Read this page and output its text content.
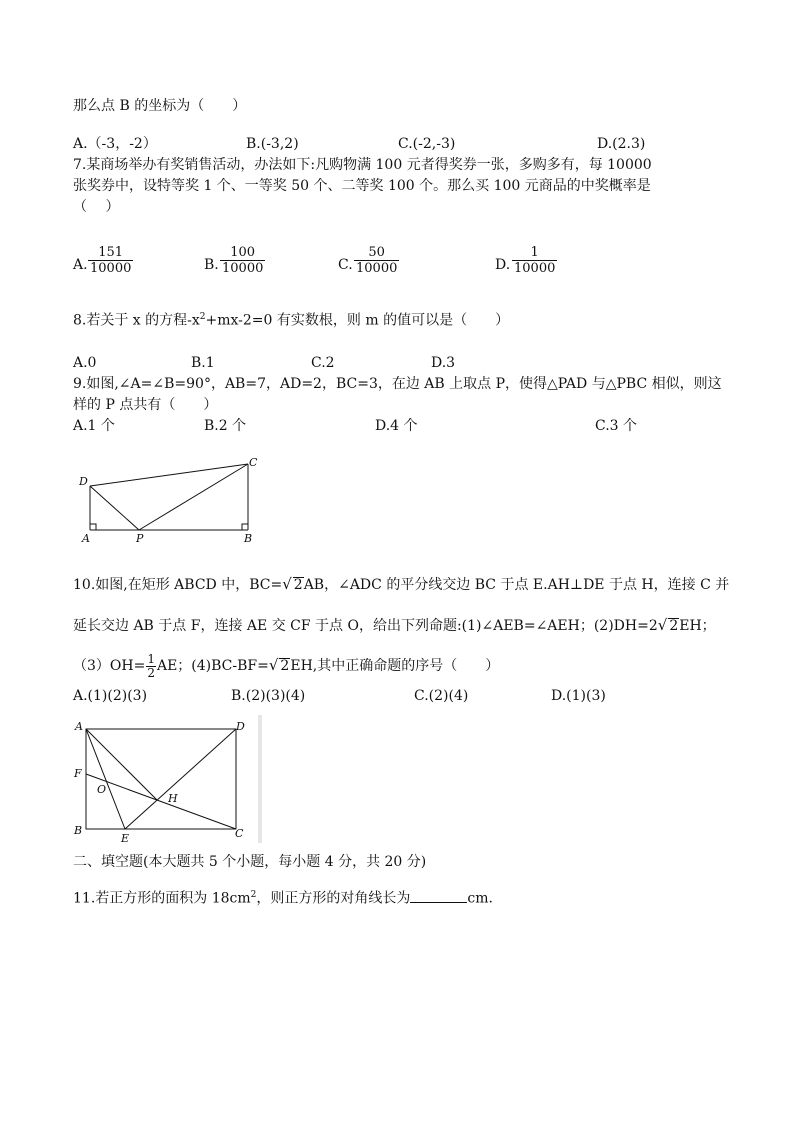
那么点 B 的坐标为（　　）
A.（-3，-2）	B.(-3,2)	C.(-2,-3)	D.(2.3)
7.某商场举办有奖销售活动，办法如下:凡购物满 100 元者得奖券一张，多购多有，每 10000
张奖券中，设特等奖 1 个、一等奖 50 个、二等奖 100 个。那么买 100 元商品的中奖概率是
（　 ）
A. $\frac{151}{10000}$	B. $\frac{100}{10000}$	C. $\frac{50}{10000}$	D. $\frac{1}{10000}$
8.若关于 x 的方程$-x^2+mx-2=0$ 有实数根，则 m 的值可以是（　　）
A.0	B.1	C.2	D.3
9.如图,∠A=∠B=90°，AB=7，AD=2，BC=3，在边 AB 上取点 P，使得△PAD 与△PBC 相似，则这
样的 P 点共有（　　）
A.1 个	B.2 个	D.4 个	C.3 个
D
C
A	P	B
10.如图,在矩形 ABCD 中，BC=√ 2AB，∠ADC 的平分线交边 BC 于点 E.AH⊥DE 于点 H，连接 C 并
延长交边 AB 于点 F，连接 AE 交 CF 于点 O，给出下列命题:(1)∠AEB=∠AEH；(2)DH=2√ 2EH；
$(3)OH= \frac{1}{2}$ AE；(4)BC-BF=√ 2EH,其中正确命题的序号（　　）
A.(1)(2)(3)	B.(2)(3)(4)	C.(2)(4)	D.(1)(3)
A	D
F
O
H
B
E	C
二、填空题(本大题共 5 个小题，每小题 4 分，共 20 分)
11.若正方形的面积为 $18cm^2$，则正方形的对角线长为	cm.
